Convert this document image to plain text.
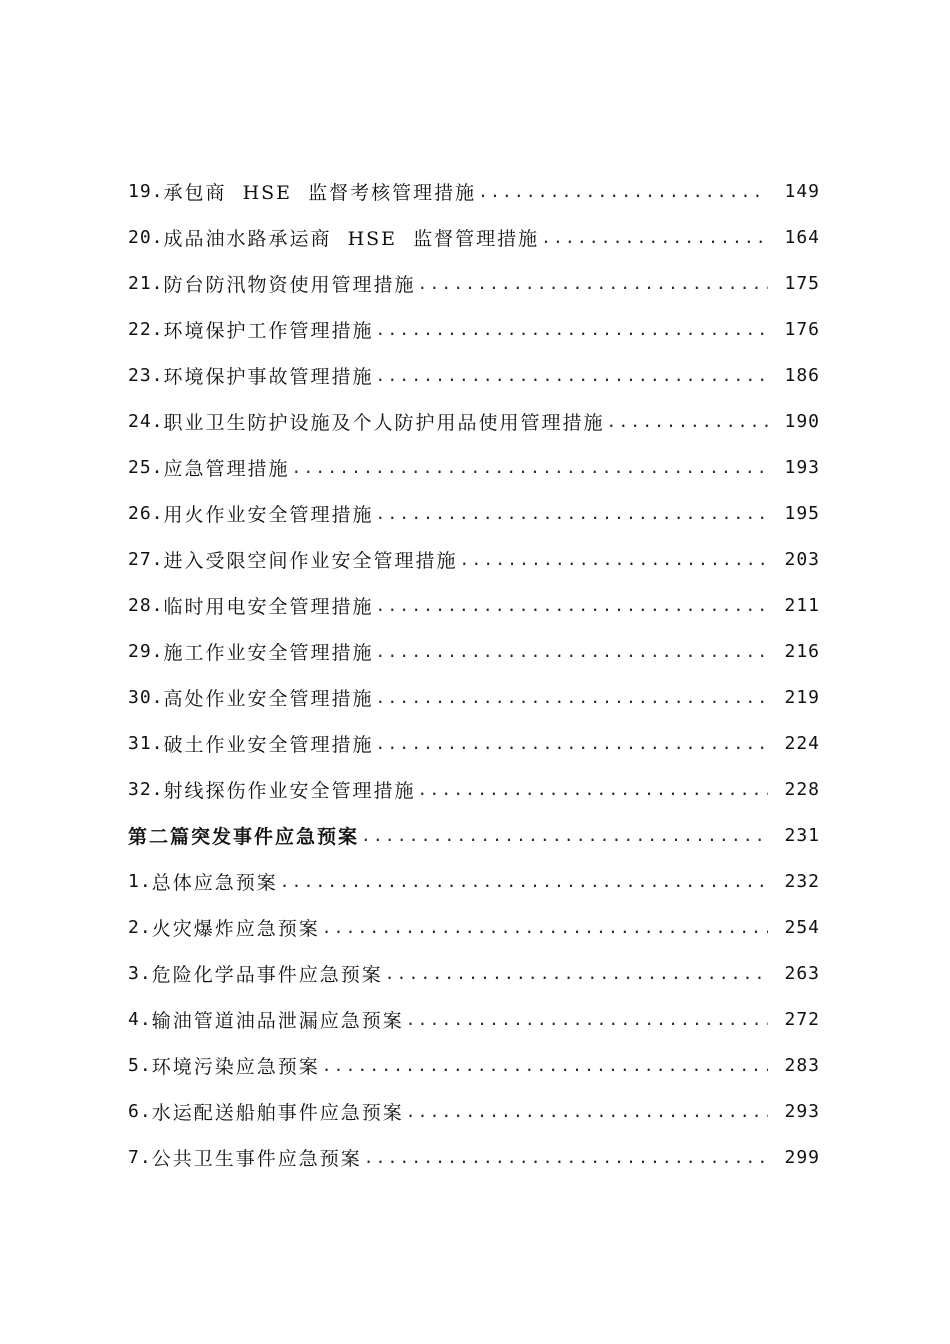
19. 承包商  HSE  监督考核管理措施 .....	149
20. 成品油水路承运商  HSE  监督管理措施 .....	164
21. 防台防汛物资使用管理措施 .....	175
22. 环境保护工作管理措施 .....	176
23. 环境保护事故管理措施 .....	186
24. 职业卫生防护设施及个人防护用品使用管理措施 .....	190
25. 应急管理措施 .....	193
26. 用火作业安全管理措施 .....	195
27. 进入受限空间作业安全管理措施 .....	203
28. 临时用电安全管理措施 .....	211
29. 施工作业安全管理措施 .....	216
30. 高处作业安全管理措施 .....	219
31. 破土作业安全管理措施 .....	224
32. 射线探伤作业安全管理措施 .....	228
第二篇 突发事件应急预案 .....	231
1. 总体应急预案 .....	232
2. 火灾爆炸应急预案 .....	254
3. 危险化学品事件应急预案 .....	263
4. 输油管道油品泄漏应急预案 .....	272
5. 环境污染应急预案 .....	283
6. 水运配送船舶事件应急预案 .....	293
7. 公共卫生事件应急预案 .....	299
